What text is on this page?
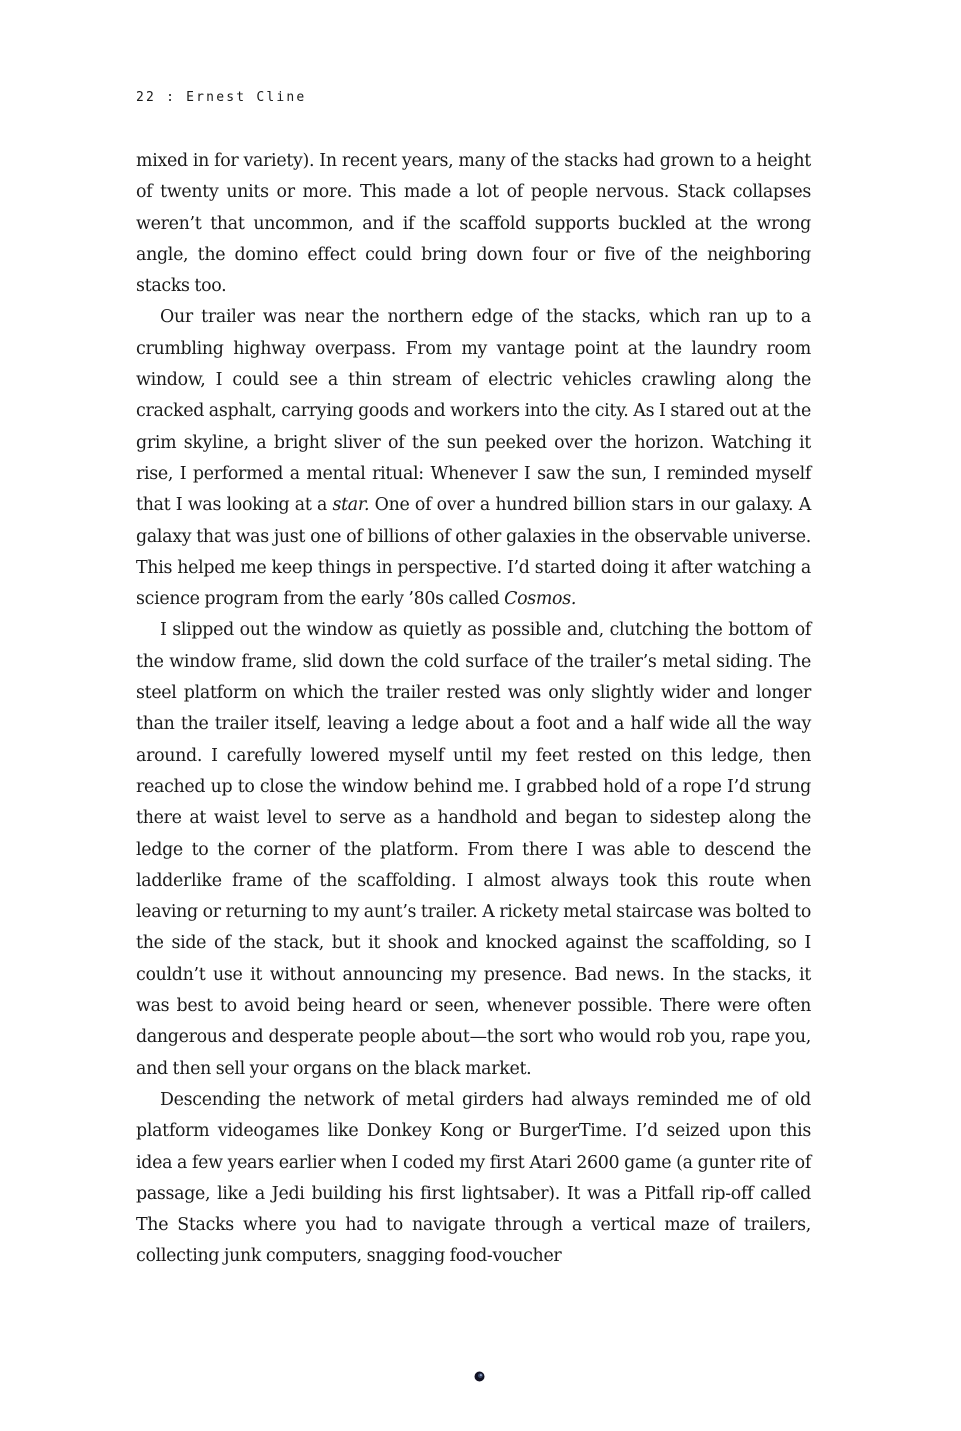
22 : Ernest Cline

mixed in for variety). In recent years, many of the stacks had grown to a height of twenty units or more. This made a lot of people nervous. Stack collapses weren’t that uncommon, and if the scaffold supports buckled at the wrong angle, the domino effect could bring down four or five of the neighboring stacks too.

Our trailer was near the northern edge of the stacks, which ran up to a crumbling highway overpass. From my vantage point at the laundry room window, I could see a thin stream of electric vehicles crawling along the cracked asphalt, carrying goods and workers into the city. As I stared out at the grim skyline, a bright sliver of the sun peeked over the horizon. Watching it rise, I performed a mental ritual: Whenever I saw the sun, I reminded myself that I was looking at a star. One of over a hundred billion stars in our galaxy. A galaxy that was just one of billions of other galaxies in the observable universe. This helped me keep things in perspective. I’d started doing it after watching a science program from the early ’80s called Cosmos.

I slipped out the window as quietly as possible and, clutching the bottom of the window frame, slid down the cold surface of the trailer’s metal siding. The steel platform on which the trailer rested was only slightly wider and longer than the trailer itself, leaving a ledge about a foot and a half wide all the way around. I carefully lowered myself until my feet rested on this ledge, then reached up to close the window behind me. I grabbed hold of a rope I’d strung there at waist level to serve as a handhold and began to sidestep along the ledge to the corner of the platform. From there I was able to descend the ladderlike frame of the scaffolding. I almost always took this route when leaving or returning to my aunt’s trailer. A rickety metal staircase was bolted to the side of the stack, but it shook and knocked against the scaffolding, so I couldn’t use it without announcing my presence. Bad news. In the stacks, it was best to avoid being heard or seen, whenever possible. There were often dangerous and desperate people about—the sort who would rob you, rape you, and then sell your organs on the black market.

Descending the network of metal girders had always reminded me of old platform videogames like Donkey Kong or BurgerTime. I’d seized upon this idea a few years earlier when I coded my first Atari 2600 game (a gunter rite of passage, like a Jedi building his first lightsaber). It was a Pitfall rip-off called The Stacks where you had to navigate through a vertical maze of trailers, collecting junk computers, snagging food-voucher
